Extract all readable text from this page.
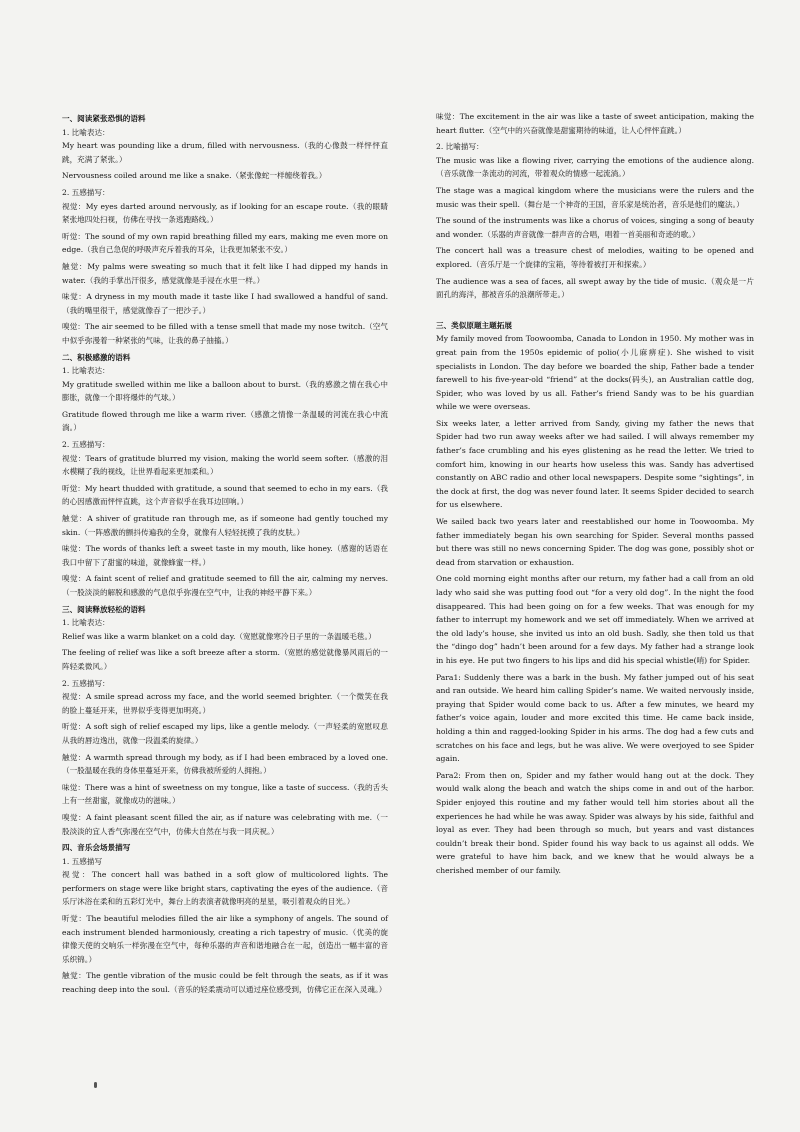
一、阅读紧张恐惧的语料
1. 比喻表达：

My heart was pounding like a drum, filled with nervousness.（我的心像鼓一样怦怦直跳，充满了紧张。）

Nervousness coiled around me like a snake.（紧张像蛇一样缠绕着我。）

2. 五感描写：

视觉：My eyes darted around nervously, as if looking for an escape route.（我的眼睛紧张地四处扫视，仿佛在寻找一条逃跑路线。）

听觉：The sound of my own rapid breathing filled my ears, making me even more on edge.（我自己急促的呼吸声充斥着我的耳朵，让我更加紧张不安。）

触觉：My palms were sweating so much that it felt like I had dipped my hands in water.（我的手掌出汗很多，感觉就像是手浸在水里一样。）

味觉：A dryness in my mouth made it taste like I had swallowed a handful of sand.（我的嘴里很干，感觉就像吞了一把沙子。）

嗅觉：The air seemed to be filled with a tense smell that made my nose twitch.（空气中似乎弥漫着一种紧张的气味，让我的鼻子抽搐。）

二、积极感激的语料
1. 比喻表达：

My gratitude swelled within me like a balloon about to burst.（我的感激之情在我心中膨胀，就像一个即将爆炸的气球。）

Gratitude flowed through me like a warm river.（感激之情像一条温暖的河流在我心中流淌。）

2. 五感描写：

视觉：Tears of gratitude blurred my vision, making the world seem softer.（感激的泪水模糊了我的视线，让世界看起来更加柔和。）

听觉：My heart thudded with gratitude, a sound that seemed to echo in my ears.（我的心因感激而怦怦直跳，这个声音似乎在我耳边回响。）

触觉：A shiver of gratitude ran through me, as if someone had gently touched my skin.（一阵感激的颤抖传遍我的全身，就像有人轻轻抚摸了我的皮肤。）

味觉：The words of thanks left a sweet taste in my mouth, like honey.（感谢的话语在我口中留下了甜蜜的味道，就像蜂蜜一样。）

嗅觉：A faint scent of relief and gratitude seemed to fill the air, calming my nerves.（一股淡淡的解脱和感激的气息似乎弥漫在空气中，让我的神经平静下来。）

三、阅读释放轻松的语料
1. 比喻表达：

Relief was like a warm blanket on a cold day.（宽慰就像寒冷日子里的一条温暖毛毯。）

The feeling of relief was like a soft breeze after a storm.（宽慰的感觉就像暴风雨后的一阵轻柔微风。）

2. 五感描写：

视觉：A smile spread across my face, and the world seemed brighter.（一个微笑在我的脸上蔓延开来，世界似乎变得更加明亮。）

听觉：A soft sigh of relief escaped my lips, like a gentle melody.（一声轻柔的宽慰叹息从我的唇边逸出，就像一段温柔的旋律。）

触觉：A warmth spread through my body, as if I had been embraced by a loved one.（一股温暖在我的身体里蔓延开来，仿佛我被所爱的人拥抱。）

味觉：There was a hint of sweetness on my tongue, like a taste of success.（我的舌头上有一丝甜蜜，就像成功的滋味。）

嗅觉：A faint pleasant scent filled the air, as if nature was celebrating with me.（一股淡淡的宜人香气弥漫在空气中，仿佛大自然在与我一同庆祝。）

四、音乐会场景描写
1. 五感描写

视觉：The concert hall was bathed in a soft glow of multicolored lights. The performers on stage were like bright stars, captivating the eyes of the audience.（音乐厅沐浴在柔和的五彩灯光中，舞台上的表演者就像明亮的星星，吸引着观众的目光。）

听觉：The beautiful melodies filled the air like a symphony of angels. The sound of each instrument blended harmoniously, creating a rich tapestry of music.（优美的旋律像天使的交响乐一样弥漫在空气中，每种乐器的声音和谐地融合在一起，创造出一幅丰富的音乐织锦。）

触觉：The gentle vibration of the music could be felt through the seats, as if it was reaching deep into the soul.（音乐的轻柔震动可以通过座位感受到，仿佛它正在深入灵魂。）

味觉：The excitement in the air was like a taste of sweet anticipation, making the heart flutter.（空气中的兴奋就像是甜蜜期待的味道，让人心怦怦直跳。）

2. 比喻描写：

The music was like a flowing river, carrying the emotions of the audience along.（音乐就像一条流动的河流，带着观众的情感一起流淌。）

The stage was a magical kingdom where the musicians were the rulers and the music was their spell.（舞台是一个神奇的王国，音乐家是统治者，音乐是他们的魔法。）

The sound of the instruments was like a chorus of voices, singing a song of beauty and wonder.（乐器的声音就像一群声音的合唱，唱着一首美丽和奇迹的歌。）

The concert hall was a treasure chest of melodies, waiting to be opened and explored.（音乐厅是一个旋律的宝箱，等待着被打开和探索。）

The audience was a sea of faces, all swept away by the tide of music.（观众是一片面孔的海洋，都被音乐的浪潮所带走。）

三、类似原题主题拓展

My family moved from Toowoomba, Canada to London in 1950. My mother was in great pain from the 1950s epidemic of polio(小儿麻痹症). She wished to visit specialists in London. The day before we boarded the ship, Father bade a tender farewell to his five-year-old “friend” at the docks(码头), an Australian cattle dog, Spider, who was loved by us all. Father’s friend Sandy was to be his guardian while we were overseas.

Six weeks later, a letter arrived from Sandy, giving my father the news that Spider had two run away weeks after we had sailed. I will always remember my father’s face crumbling and his eyes glistening as he read the letter. We tried to comfort him, knowing in our hearts how useless this was. Sandy has advertised constantly on ABC radio and other local newspapers. Despite some “sightings”, in the dock at first, the dog was never found later. It seems Spider decided to search for us elsewhere.

We sailed back two years later and reestablished our home in Toowoomba. My father immediately began his own searching for Spider. Several months passed but there was still no news concerning Spider. The dog was gone, possibly shot or dead from starvation or exhaustion.

One cold morning eight months after our return, my father had a call from an old lady who said she was putting food out “for a very old dog”. In the night the food disappeared. This had been going on for a few weeks. That was enough for my father to interrupt my homework and we set off immediately. When we arrived at the old lady’s house, she invited us into an old bush. Sadly, she then told us that the “dingo dog” hadn’t been around for a few days. My father had a strange look in his eye. He put two fingers to his lips and did his special whistle(哨) for Spider.

Para1: Suddenly there was a bark in the bush. My father jumped out of his seat and ran outside. We heard him calling Spider’s name. We waited nervously inside, praying that Spider would come back to us. After a few minutes, we heard my father’s voice again, louder and more excited this time. He came back inside, holding a thin and ragged-looking Spider in his arms. The dog had a few cuts and scratches on his face and legs, but he was alive. We were overjoyed to see Spider again.

Para2: From then on, Spider and my father would hang out at the dock. They would walk along the beach and watch the ships come in and out of the harbor. Spider enjoyed this routine and my father would tell him stories about all the experiences he had while he was away. Spider was always by his side, faithful and loyal as ever. They had been through so much, but years and vast distances couldn’t break their bond. Spider found his way back to us against all odds. We were grateful to have him back, and we knew that he would always be a cherished member of our family.
